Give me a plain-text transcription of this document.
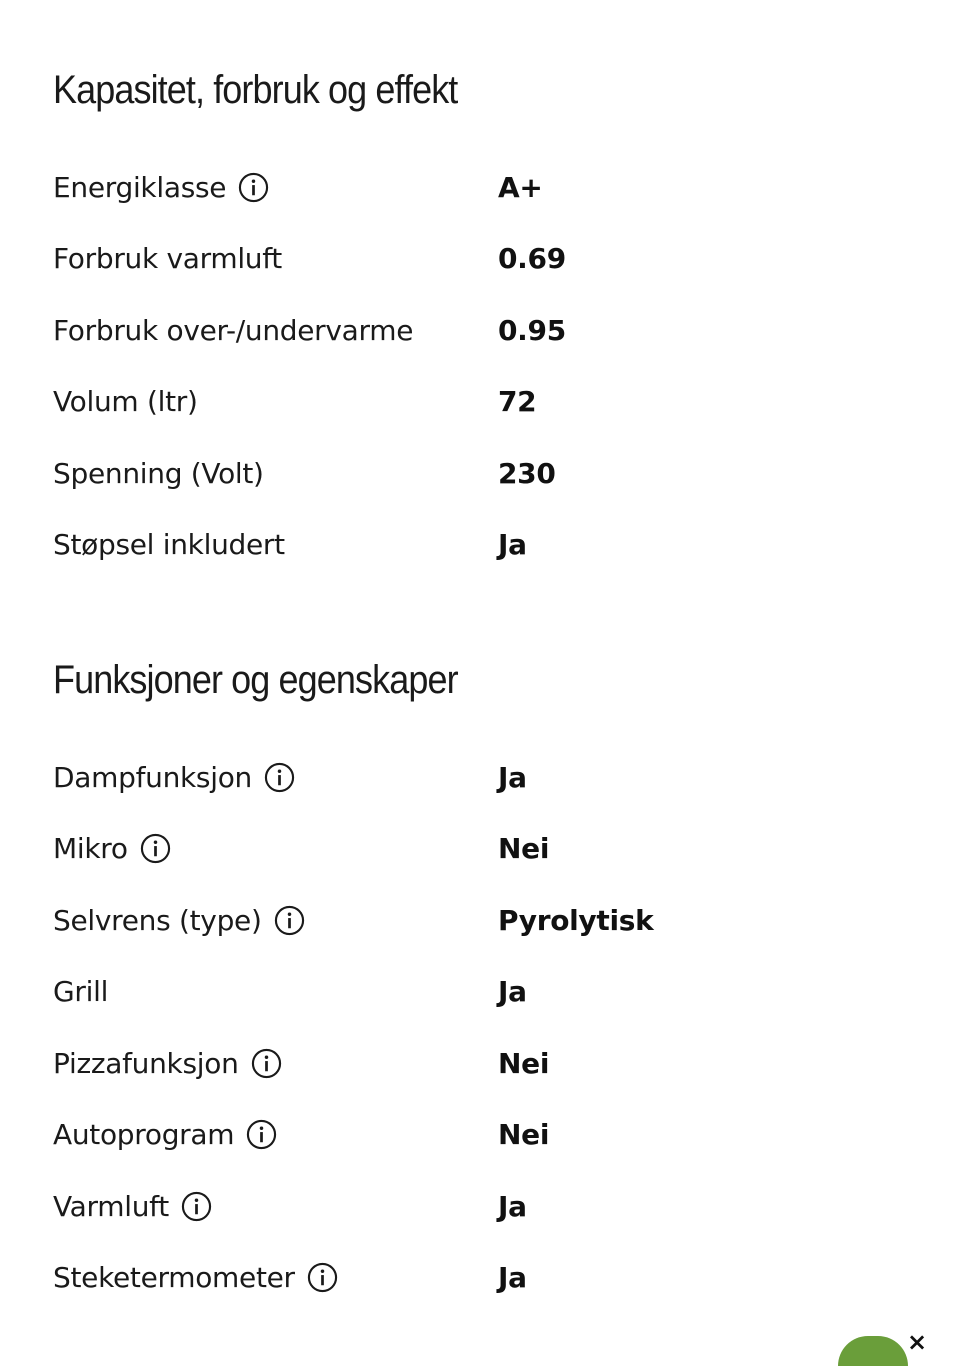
Kapasitet, forbruk og effekt
Energiklasse	A+
Forbruk varmluft	0.69
Forbruk over-/undervarme	0.95
Volum (ltr)	72
Spenning (Volt)	230
Støpsel inkludert	Ja
Funksjoner og egenskaper
Dampfunksjon	Ja
Mikro	Nei
Selvrens (type)	Pyrolytisk
Grill	Ja
Pizzafunksjon	Nei
Autoprogram	Nei
Varmluft	Ja
Steketermometer	Ja
×
